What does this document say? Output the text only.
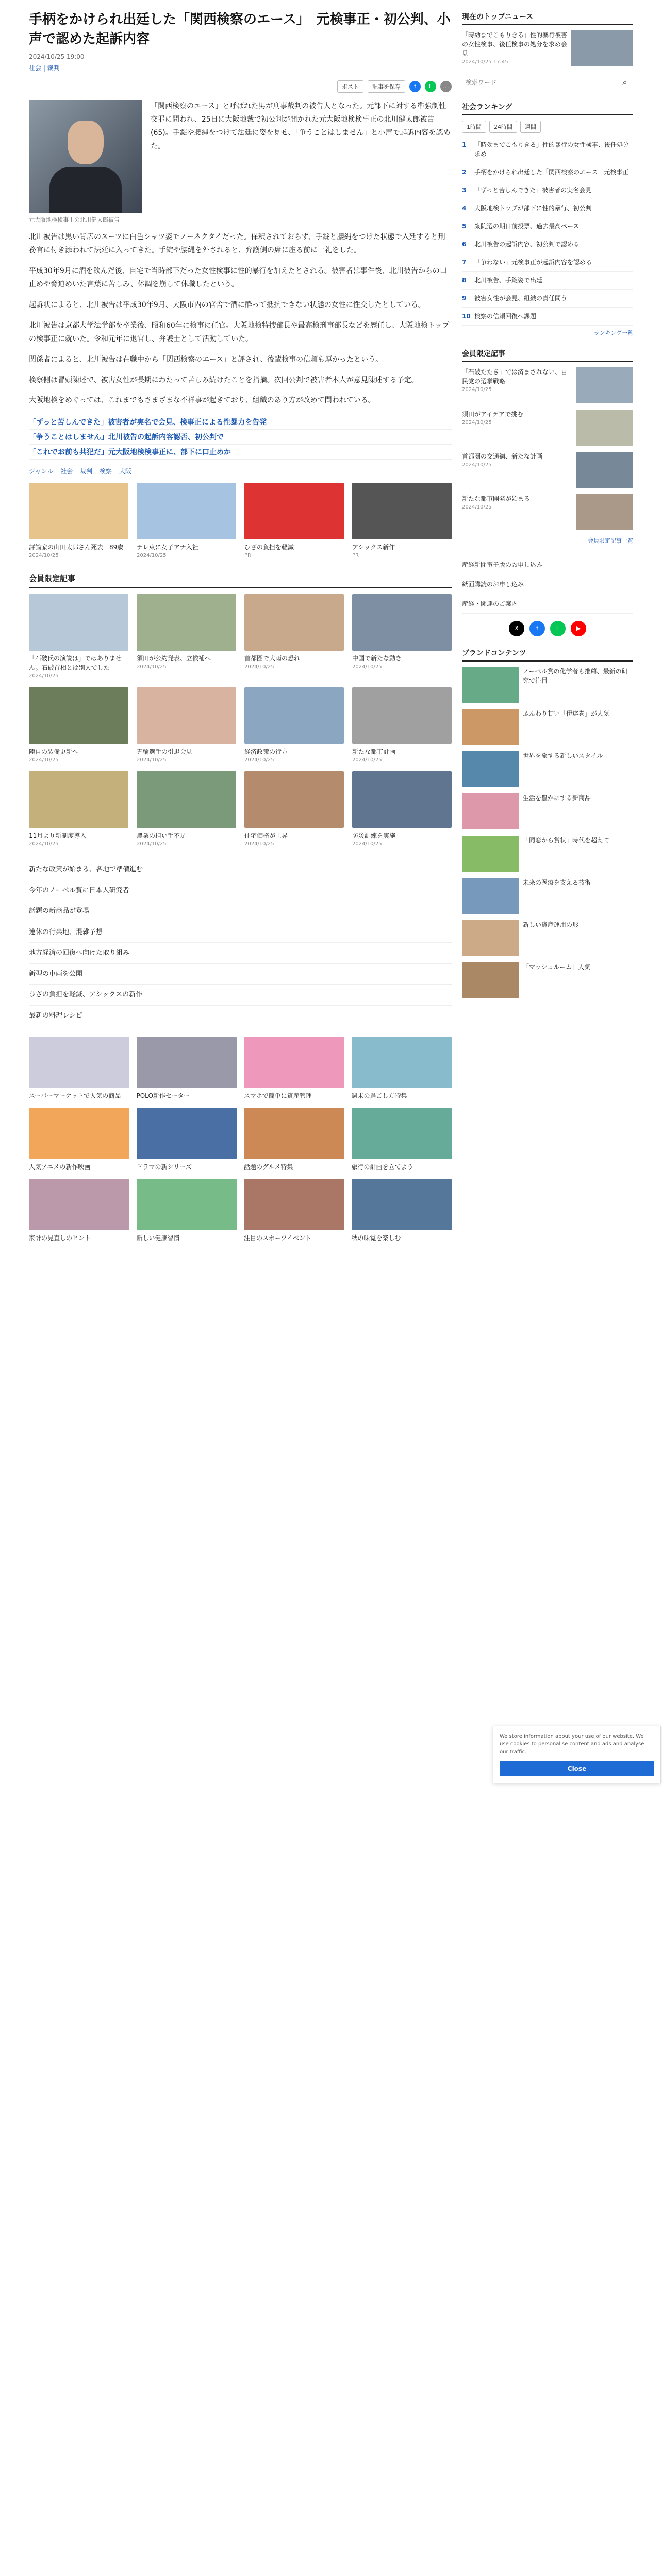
手柄をかけられ出廷した「関西検察のエース」　元検事正・初公判、小声で認めた起訴内容
2024/10/25 19:00
社会 | 裁判
ポスト	記事を保存	f	L	…
元大阪地検検事正の北川健太郎被告

「関西検察のエース」と呼ばれた男が刑事裁判の被告人となった。元部下に対する準強制性交罪に問われ、25日に大阪地裁で初公判が開かれた元大阪地検検事正の北川健太郎被告(65)。手錠や腰縄をつけて法廷に姿を見せ、「争うことはしません」と小声で起訴内容を認めた。

北川被告は黒い背広のスーツに白色シャツ姿でノーネクタイだった。保釈されておらず、手錠と腰縄をつけた状態で入廷すると刑務官に付き添われて法廷に入ってきた。手錠や腰縄を外されると、弁護側の席に座る前に一礼をした。

平成30年9月に酒を飲んだ後、自宅で当時部下だった女性検事に性的暴行を加えたとされる。被害者は事件後、北川被告からの口止めや脅迫めいた言葉に苦しみ、体調を崩して休職したという。

起訴状によると、北川被告は平成30年9月、大阪市内の官舎で酒に酔って抵抗できない状態の女性に性交したとしている。

北川被告は京都大学法学部を卒業後、昭和60年に検事に任官。大阪地検特捜部長や最高検刑事部長などを歴任し、大阪地検トップの検事正に就いた。令和元年に退官し、弁護士として活動していた。

関係者によると、北川被告は在職中から「関西検察のエース」と評され、後輩検事の信頼も厚かったという。

検察側は冒頭陳述で、被害女性が長期にわたって苦しみ続けたことを指摘。次回公判で被害者本人が意見陳述する予定。

大阪地検をめぐっては、これまでもさまざまな不祥事が起きており、組織のあり方が改めて問われている。

「ずっと苦しんできた」被害者が実名で会見、検事正による性暴力を告発
「争うことはしません」北川被告の起訴内容認否、初公判で
「これでお前も共犯だ」元大阪地検検事正に、部下に口止めか
ジャンル 社会 裁判 検察 大阪
評論家の山田太郎さん死去　89歳
2024/10/25
テレ東に女子アナ入社
2024/10/25
ひざの負担を軽減
PR
アシックス新作
PR
会員限定記事
「石破氏の演説は」ではありません。石破首相とは別人でした
2024/10/25
須田が公約発表、立候補へ
2024/10/25
首都圏で大雨の恐れ
2024/10/25
中国で新たな動き
2024/10/25
陸自の装備更新へ
2024/10/25
五輪選手の引退会見
2024/10/25
経済政策の行方
2024/10/25
新たな都市計画
2024/10/25
11月より新制度導入
2024/10/25
農業の担い手不足
2024/10/25
住宅価格が上昇
2024/10/25
防災訓練を実施
2024/10/25
新たな政策が始まる、各地で準備進む
今年のノーベル賞に日本人研究者
話題の新商品が登場
連休の行楽地、混雑予想
地方経済の回復へ向けた取り組み
新型の車両を公開
ひざの負担を軽減、アシックスの新作
最新の料理レシピ
スーパーマーケットで人気の商品	POLO新作セーター	スマホで簡単に資産管理	週末の過ごし方特集
人気アニメの新作映画	ドラマの新シリーズ	話題のグルメ特集	旅行の計画を立てよう
家計の見直しのヒント	新しい健康習慣	注目のスポーツイベント	秋の味覚を楽しむ
現在のトップニュース
「時効までこもりきる」性的暴行被害の女性検事、後任検事の処分を求め会見
2024/10/25 17:45
検索ワード
⌕
社会ランキング
1時間	24時間	週間
1	「時効までこもりきる」性的暴行の女性検事、後任処分求め
2	手柄をかけられ出廷した「関西検察のエース」元検事正
3	「ずっと苦しんできた」被害者の実名会見
4	大阪地検トップが部下に性的暴行、初公判
5	衆院選の期日前投票、過去最高ペース
6	北川被告の起訴内容、初公判で認める
7	「争わない」元検事正が起訴内容を認める
8	北川被告、手錠姿で出廷
9	被害女性が会見、組織の責任問う
10 検察の信頼回復へ課題
ランキング一覧
会員限定記事
「石破たたき」では済まされない、自民党の選挙戦略
2024/10/25
須田がアイデアで挑む
2024/10/25
首都圏の交通網、新たな計画
2024/10/25
新たな都市開発が始まる
2024/10/25
会員限定記事一覧
産経新聞電子版のお申し込み
紙面購読のお申し込み
産経・関連のご案内
X	f	L	▶
ブランドコンテンツ
ノーベル賞の化学者も推薦、最新の研究で注目
ふんわり甘い「伊達巻」が人気
世界を旅する新しいスタイル
生活を豊かにする新商品
「同窓から賞状」時代を超えて
未来の医療を支える技術
新しい資産運用の形
「マッシュルーム」人気
We store information about your use of our website. We use cookies to personalise content and ads and analyse our traffic.
Close
